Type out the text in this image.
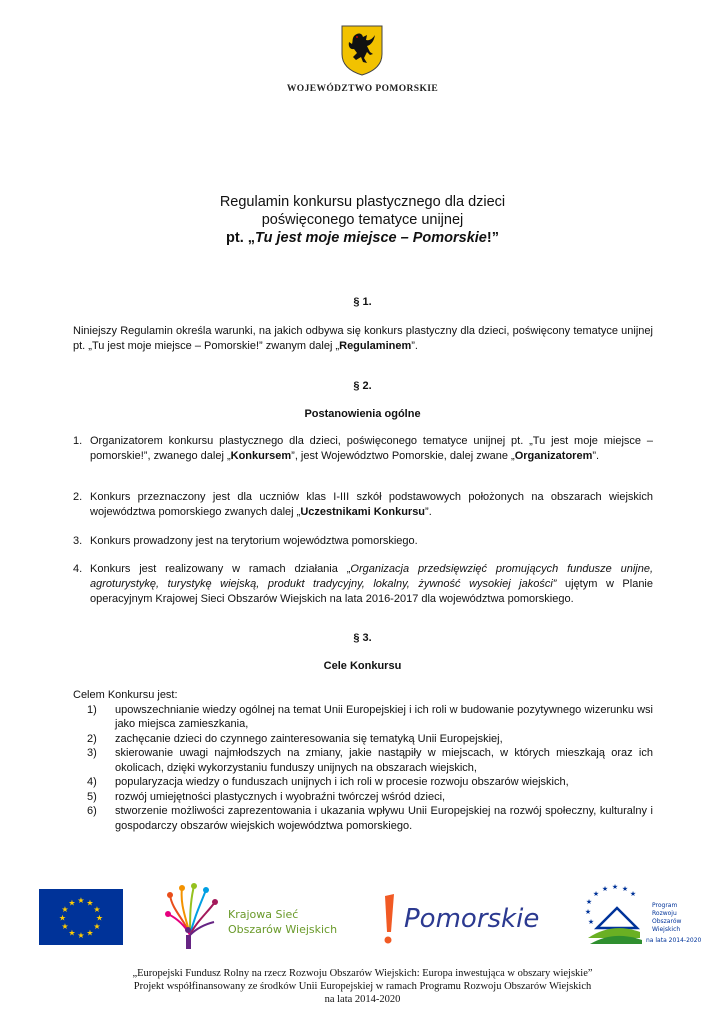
WOJEWÓDZTWO POMORSKIE
Regulamin konkursu plastycznego dla dzieci
poświęconego tematyce unijnej
pt. „Tu jest moje miejsce – Pomorskie!”
§ 1.
Niniejszy Regulamin określa warunki, na jakich odbywa się konkurs plastyczny dla dzieci, poświęcony tematyce unijnej pt. „Tu jest moje miejsce – Pomorskie!” zwanym dalej „Regulaminem”.
§ 2.
Postanowienia ogólne
1. Organizatorem konkursu plastycznego dla dzieci, poświęconego tematyce unijnej pt. „Tu jest moje miejsce – pomorskie!”, zwanego dalej „Konkursem”, jest Województwo Pomorskie, dalej zwane „Organizatorem”.
2. Konkurs przeznaczony jest dla uczniów klas I-III szkół podstawowych położonych na obszarach wiejskich województwa pomorskiego zwanych dalej „Uczestnikami Konkursu”.
3. Konkurs prowadzony jest na terytorium województwa pomorskiego.
4. Konkurs jest realizowany w ramach działania „Organizacja przedsięwzięć promujących fundusze unijne, agroturystykę, turystykę wiejską, produkt tradycyjny, lokalny, żywność wysokiej jakości” ujętym w Planie operacyjnym Krajowej Sieci Obszarów Wiejskich na lata 2016-2017 dla województwa pomorskiego.
§ 3.
Cele Konkursu
Celem Konkursu jest:
1) upowszechnianie wiedzy ogólnej na temat Unii Europejskiej i ich roli w budowanie pozytywnego wizerunku wsi jako miejsca zamieszkania,
2) zachęcanie dzieci do czynnego zainteresowania się tematyką Unii Europejskiej,
3) skierowanie uwagi najmłodszych na zmiany, jakie nastąpiły w miejscach, w których mieszkają oraz ich okolicach, dzięki wykorzystaniu funduszy unijnych na obszarach wiejskich,
4) popularyzacja wiedzy o funduszach unijnych i ich roli w procesie rozwoju obszarów wiejskich,
5) rozwój umiejętności plastycznych i wyobraźni twórczej wśród dzieci,
6) stworzenie możliwości zaprezentowania i ukazania wpływu Unii Europejskiej na rozwój społeczny, kulturalny i gospodarczy obszarów wiejskich województwa pomorskiego.
★ ★
★
★
★
★
★
★
★
★
★
★
Krajowa Sieć
Obszarów Wiejskich	Pomorskie
★
★ ★ ★
★
★
★
★
Program
Rozwoju
Obszarów
Wiejskich
na lata 2014-2020
„Europejski Fundusz Rolny na rzecz Rozwoju Obszarów Wiejskich: Europa inwestująca w obszary wiejskie”
Projekt współfinansowany ze środków Unii Europejskiej w ramach Programu Rozwoju Obszarów Wiejskich
na lata 2014-2020
